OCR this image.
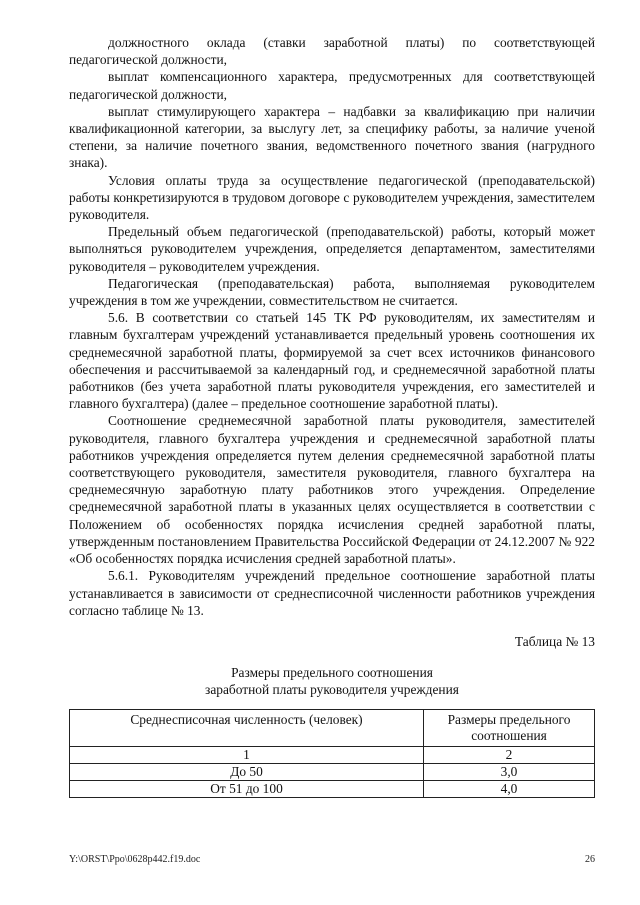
должностного оклада (ставки заработной платы) по соответствующей педагогической должности,

выплат компенсационного характера, предусмотренных для соответствующей педагогической должности,

выплат стимулирующего характера – надбавки за квалификацию при наличии квалификационной категории, за выслугу лет, за специфику работы, за наличие ученой степени, за наличие почетного звания, ведомственного почетного звания (нагрудного знака).

Условия оплаты труда за осуществление педагогической (преподавательской) работы конкретизируются в трудовом договоре с руководителем учреждения, заместителем руководителя.

Предельный объем педагогической (преподавательской) работы, который может выполняться руководителем учреждения, определяется департаментом, заместителями руководителя – руководителем учреждения.

Педагогическая (преподавательская) работа, выполняемая руководителем учреждения в том же учреждении, совместительством не считается.

5.6. В соответствии со статьей 145 ТК РФ руководителям, их заместителям и главным бухгалтерам учреждений устанавливается предельный уровень соотношения их среднемесячной заработной платы, формируемой за счет всех источников финансового обеспечения и рассчитываемой за календарный год, и среднемесячной заработной платы работников (без учета заработной платы руководителя учреждения, его заместителей и главного бухгалтера) (далее – предельное соотношение заработной платы).

Соотношение среднемесячной заработной платы руководителя, заместителей руководителя, главного бухгалтера учреждения и среднемесячной заработной платы работников учреждения определяется путем деления среднемесячной заработной платы соответствующего руководителя, заместителя руководителя, главного бухгалтера на среднемесячную заработную плату работников этого учреждения. Определение среднемесячной заработной платы в указанных целях осуществляется в соответствии с Положением об особенностях порядка исчисления средней заработной платы, утвержденным постановлением Правительства Российской Федерации от 24.12.2007 № 922 «Об особенностях порядка исчисления средней заработной платы».

5.6.1. Руководителям учреждений предельное соотношение заработной платы устанавливается в зависимости от среднесписочной численности работников учреждения согласно таблице № 13.

Таблица № 13

Размеры предельного соотношения

заработной платы руководителя учреждения

Среднесписочная численность (человек)	Размеры предельного соотношения
1	2
До 50	3,0
От 51 до 100	4,0
Y:\ORST\Ppo\0628p442.f19.doc	26
